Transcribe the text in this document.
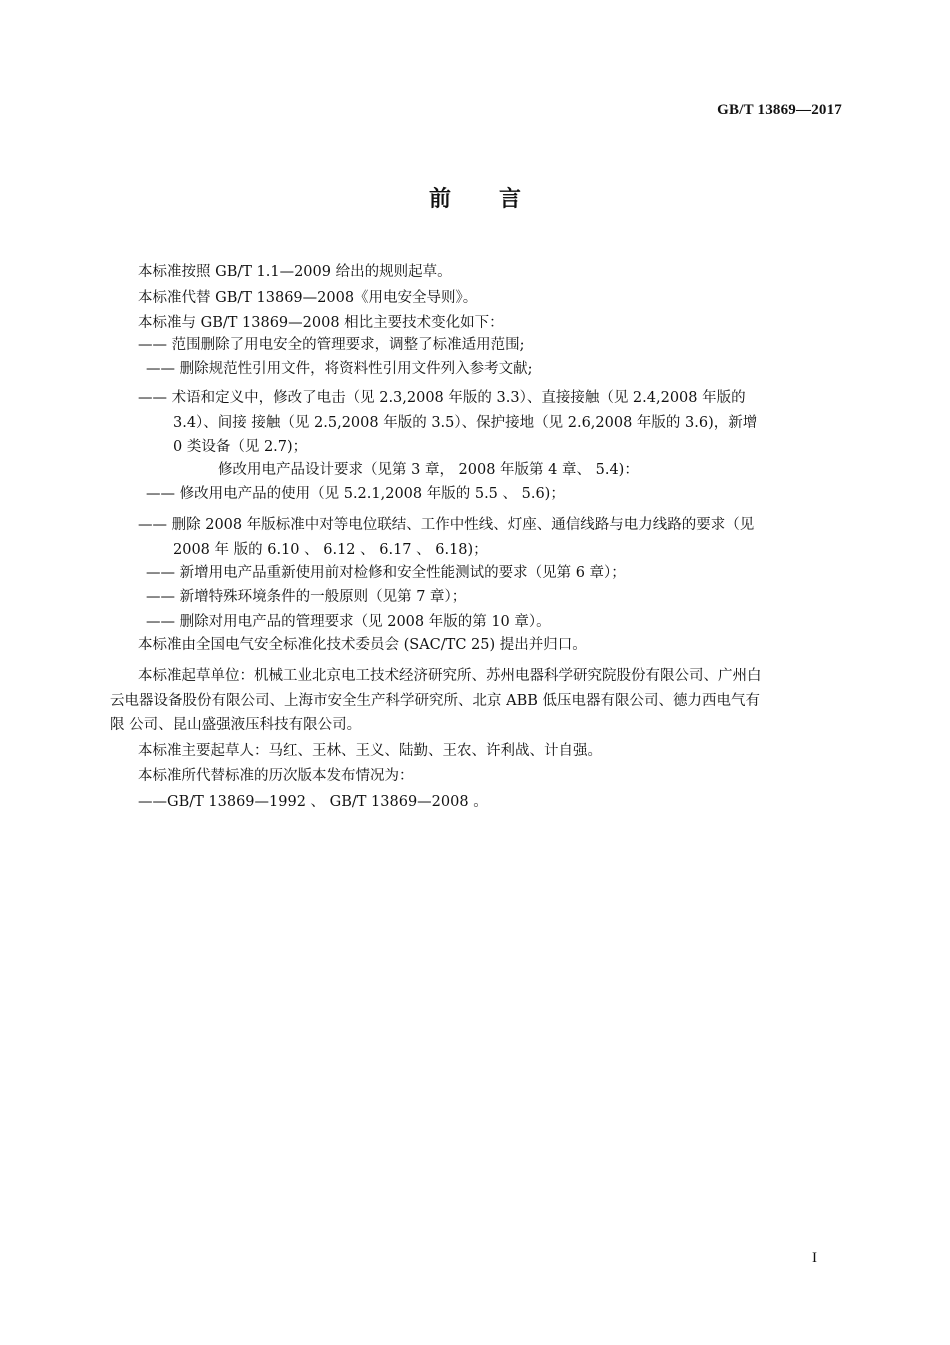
GB/T 13869—2017
前言
本标准按照 GB/T 1.1—2009 给出的规则起草。
本标准代替 GB/T 13869—2008《用电安全导则》。
本标准与 GB/T 13869—2008 相比主要技术变化如下：
—— 范围删除了用电安全的管理要求，调整了标准适用范围;
—— 删除规范性引用文件，将资料性引用文件列入参考文献;
—— 术语和定义中，修改了电击（见 2.3,2008 年版的 3.3）、直接接触（见 2.4,2008 年版的
3.4）、间接 接触（见 2.5,2008 年版的 3.5）、保护接地（见 2.6,2008 年版的 3.6)，新增
0 类设备（见 2.7)；
修改用电产品设计要求（见第 3 章， 2008 年版第 4 章、 5.4)：
—— 修改用电产品的使用（见 5.2.1,2008 年版的 5.5 、 5.6)；
—— 删除 2008 年版标准中对等电位联结、工作中性线、灯座、通信线路与电力线路的要求（见
2008 年 版的 6.10 、 6.12 、 6.17 、 6.18)；
—— 新增用电产品重新使用前对检修和安全性能测试的要求（见第 6 章）；
—— 新增特殊环境条件的一般原则（见第 7 章）；
—— 删除对用电产品的管理要求（见 2008 年版的第 10 章）。
本标准由全国电气安全标准化技术委员会 (SAC/TC 25) 提出并归口。
本标准起草单位：机械工业北京电工技术经济研究所、苏州电器科学研究院股份有限公司、广州白
云电器设备股份有限公司、上海市安全生产科学研究所、北京 ABB 低压电器有限公司、德力西电气有
限 公司、昆山盛强液压科技有限公司。
本标准主要起草人：马红、王林、王义、陆勤、王农、许利战、计自强。
本标准所代替标准的历次版本发布情况为：
——GB/T 13869—1992 、 GB/T 13869—2008 。
I
